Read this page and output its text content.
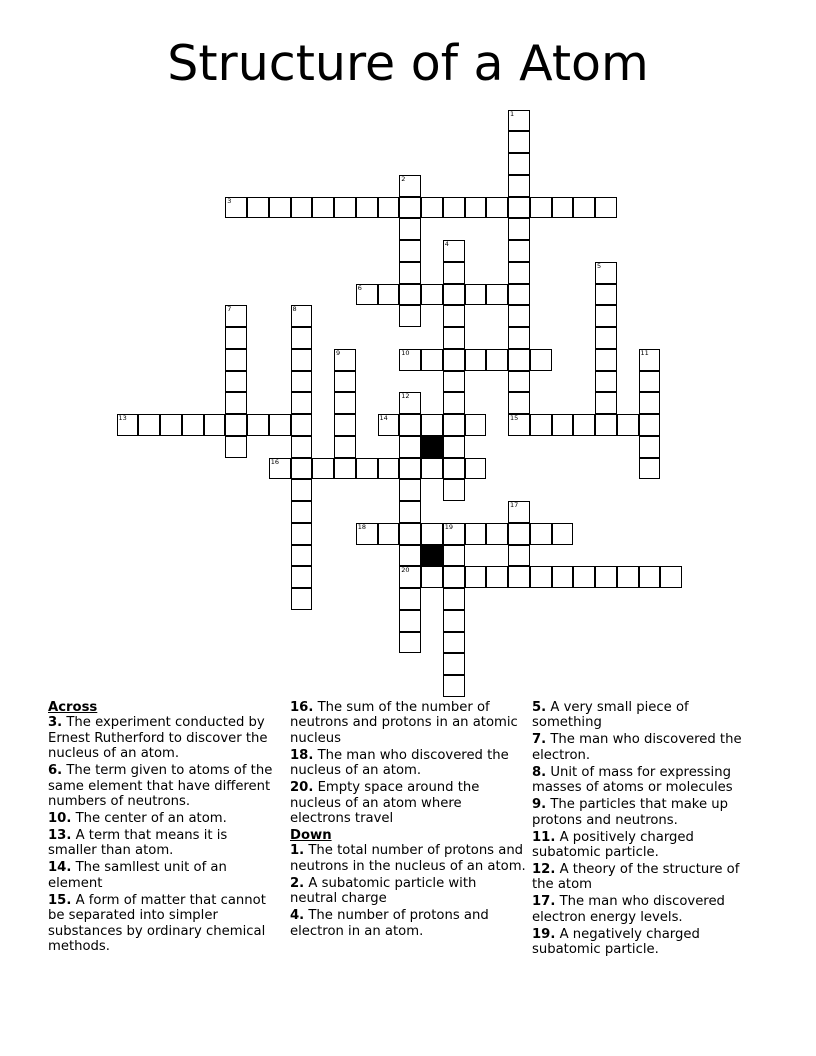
Structure of a Atom
1
2
3
4
5
6
7	8
9	10	11
12
20
13	14	15
16
17
18	19
Across
3. The experiment conducted by Ernest Rutherford to discover the nucleus of an atom.
6. The term given to atoms of the same element that have different numbers of neutrons.
10. The center of an atom.
13. A term that means it is smaller than atom.
14. The samllest unit of an element
15. A form of matter that cannot be separated into simpler substances by ordinary chemical methods.
16. The sum of the number of neutrons and protons in an atomic nucleus
18. The man who discovered the nucleus of an atom.
20. Empty space around the nucleus of an atom where electrons travel
Down
1. The total number of protons and neutrons in the nucleus of an atom.
2. A subatomic particle with neutral charge
4. The number of protons and electron in an atom.
5. A very small piece of something
7. The man who discovered the electron.
8. Unit of mass for expressing masses of atoms or molecules
9. The particles that make up protons and neutrons.
11. A positively charged subatomic particle.
12. A theory of the structure of the atom
17. The man who discovered electron energy levels.
19. A negatively charged subatomic particle.
